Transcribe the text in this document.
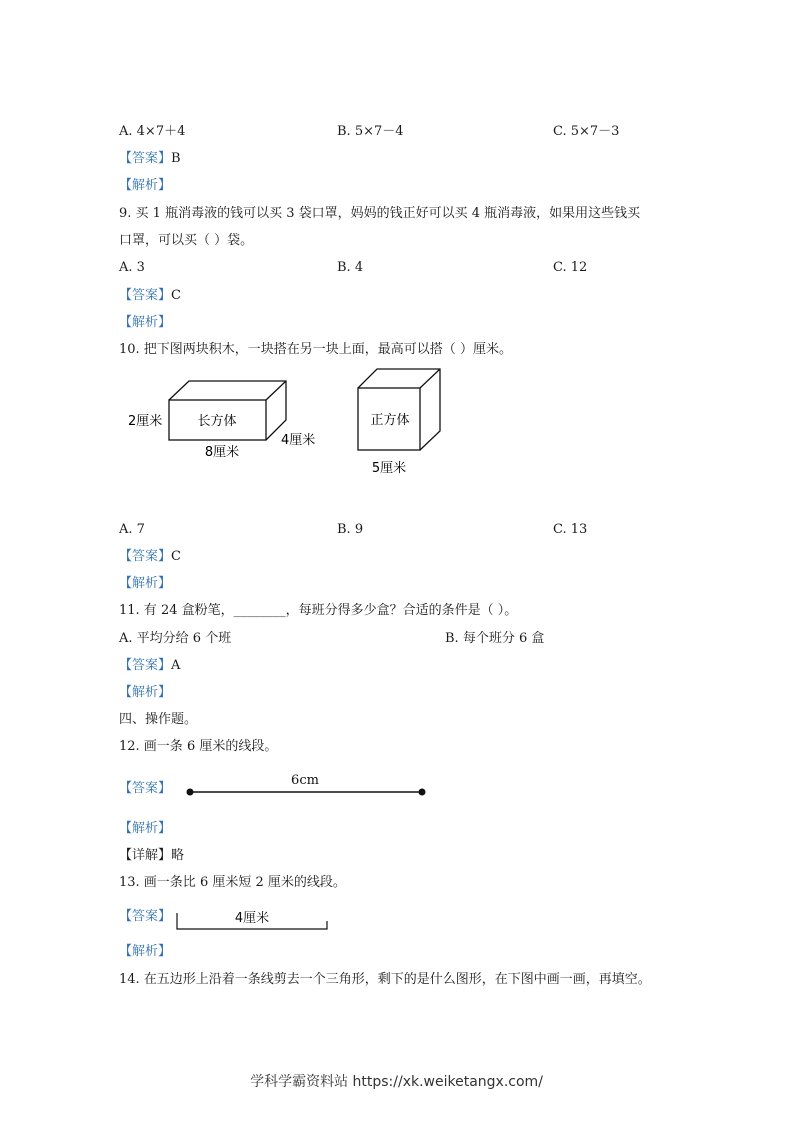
A. 4×7＋4	B. 5×7－4	C. 5×7－3
【答案】B
【解析】
9. 买 1 瓶消毒液的钱可以买 3 袋口罩，妈妈的钱正好可以买 4 瓶消毒液，如果用这些钱买
口罩，可以买（ ）袋。
A. 3	B. 4	C. 12
【答案】C
【解析】
10. 把下图两块积木，一块搭在另一块上面，最高可以搭（ ）厘米。
长方体
2厘米
8厘米
4厘米
正方体
5厘米
A. 7	B. 9	C. 13
【答案】C
【解析】
11. 有 24 盒粉笔，________，每班分得多少盒？合适的条件是（ ）。
A. 平均分给 6 个班	B. 每个班分 6 盒
【答案】A
【解析】
四、操作题。
12. 画一条 6 厘米的线段。
【答案】
6cm
【解析】
【详解】略
13. 画一条比 6 厘米短 2 厘米的线段。
【答案】	4厘米
【解析】
14. 在五边形上沿着一条线剪去一个三角形，剩下的是什么图形，在下图中画一画，再填空。
学科学霸资料站 https://xk.weiketangx.com/
